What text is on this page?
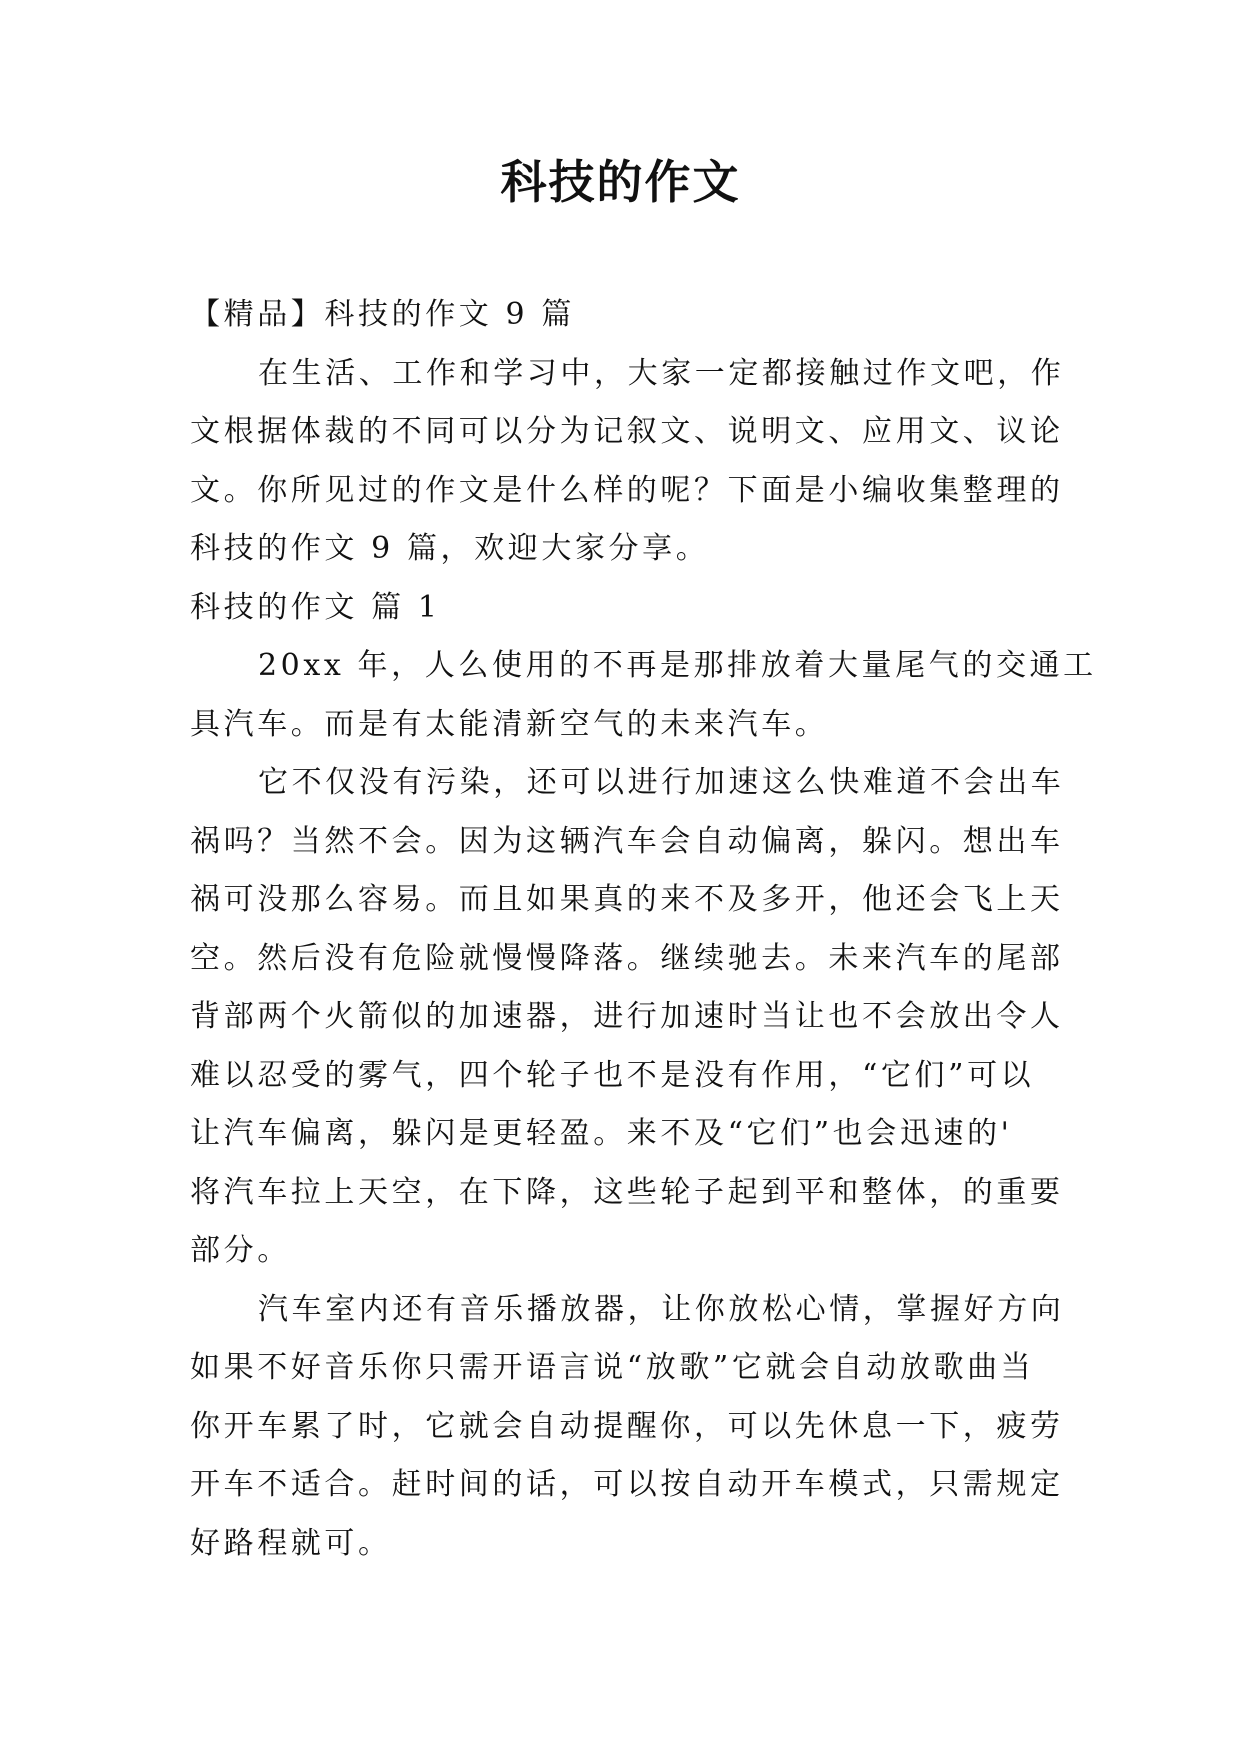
科技的作文

【精品】科技的作文 9 篇

在生活、工作和学习中，大家一定都接触过作文吧，作

文根据体裁的不同可以分为记叙文、说明文、应用文、议论

文。你所见过的作文是什么样的呢？下面是小编收集整理的

科技的作文 9 篇，欢迎大家分享。

科技的作文 篇 1

20xx 年，人么使用的不再是那排放着大量尾气的交通工

具汽车。而是有太能清新空气的未来汽车。

它不仅没有污染，还可以进行加速这么快难道不会出车

祸吗？当然不会。因为这辆汽车会自动偏离，躲闪。想出车

祸可没那么容易。而且如果真的来不及多开，他还会飞上天

空。然后没有危险就慢慢降落。继续驰去。未来汽车的尾部

背部两个火箭似的加速器，进行加速时当让也不会放出令人

难以忍受的雾气，四个轮子也不是没有作用，“它们”可以

让汽车偏离，躲闪是更轻盈。来不及“它们”也会迅速的'

将汽车拉上天空，在下降，这些轮子起到平和整体，的重要

部分。

汽车室内还有音乐播放器，让你放松心情，掌握好方向

如果不好音乐你只需开语言说“放歌”它就会自动放歌曲当

你开车累了时，它就会自动提醒你，可以先休息一下，疲劳

开车不适合。赶时间的话，可以按自动开车模式，只需规定

好路程就可。
